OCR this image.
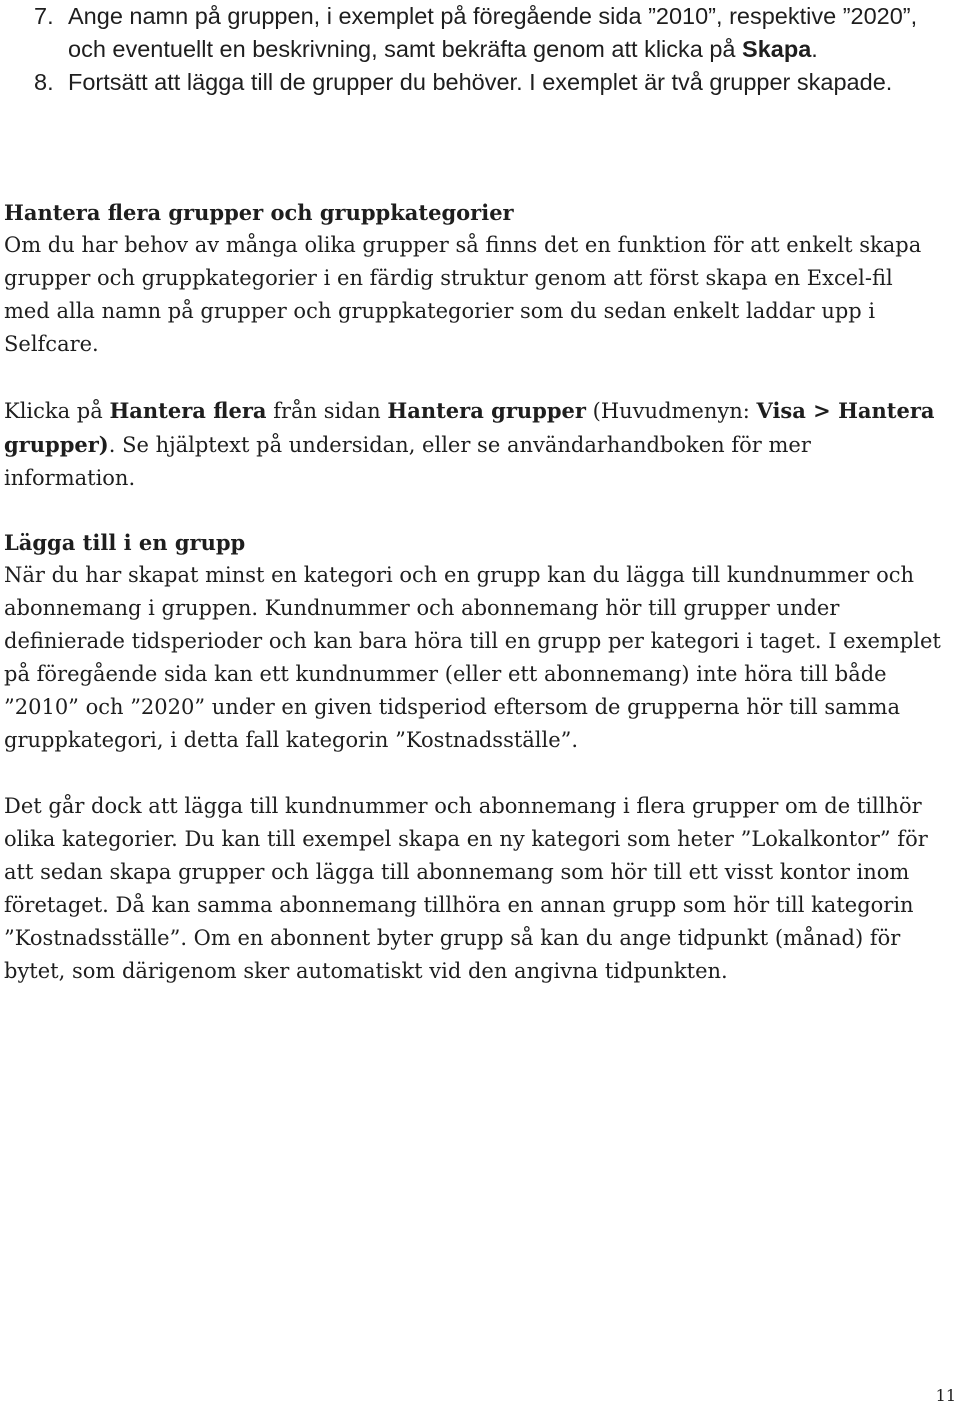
7. Ange namn på gruppen, i exemplet på föregående sida ”2010”, respektive ”2020”, och eventuellt en beskrivning, samt bekräfta genom att klicka på Skapa.
8. Fortsätt att lägga till de grupper du behöver. I exemplet är två grupper skapade.
Hantera flera grupper och gruppkategorier

Om du har behov av många olika grupper så finns det en funktion för att enkelt skapa grupper och gruppkategorier i en färdig struktur genom att först skapa en Excel-fil med alla namn på grupper och gruppkategorier som du sedan enkelt laddar upp i Selfcare.

Klicka på Hantera flera från sidan Hantera grupper (Huvudmenyn: Visa > Hantera grupper). Se hjälptext på undersidan, eller se användarhandboken för mer information.

Lägga till i en grupp

När du har skapat minst en kategori och en grupp kan du lägga till kundnummer och abonnemang i gruppen. Kundnummer och abonnemang hör till grupper under definierade tidsperioder och kan bara höra till en grupp per kategori i taget. I exemplet på föregående sida kan ett kundnummer (eller ett abonnemang) inte höra till både ”2010” och ”2020” under en given tidsperiod eftersom de grupperna hör till samma gruppkategori, i detta fall kategorin ”Kostnadsställe”.

Det går dock att lägga till kundnummer och abonnemang i flera grupper om de tillhör olika kategorier. Du kan till exempel skapa en ny kategori som heter ”Lokalkontor” för att sedan skapa grupper och lägga till abonnemang som hör till ett visst kontor inom företaget. Då kan samma abonnemang tillhöra en annan grupp som hör till kategorin ”Kostnadsställe”. Om en abonnent byter grupp så kan du ange tidpunkt (månad) för bytet, som därigenom sker automatiskt vid den angivna tidpunkten.

11
